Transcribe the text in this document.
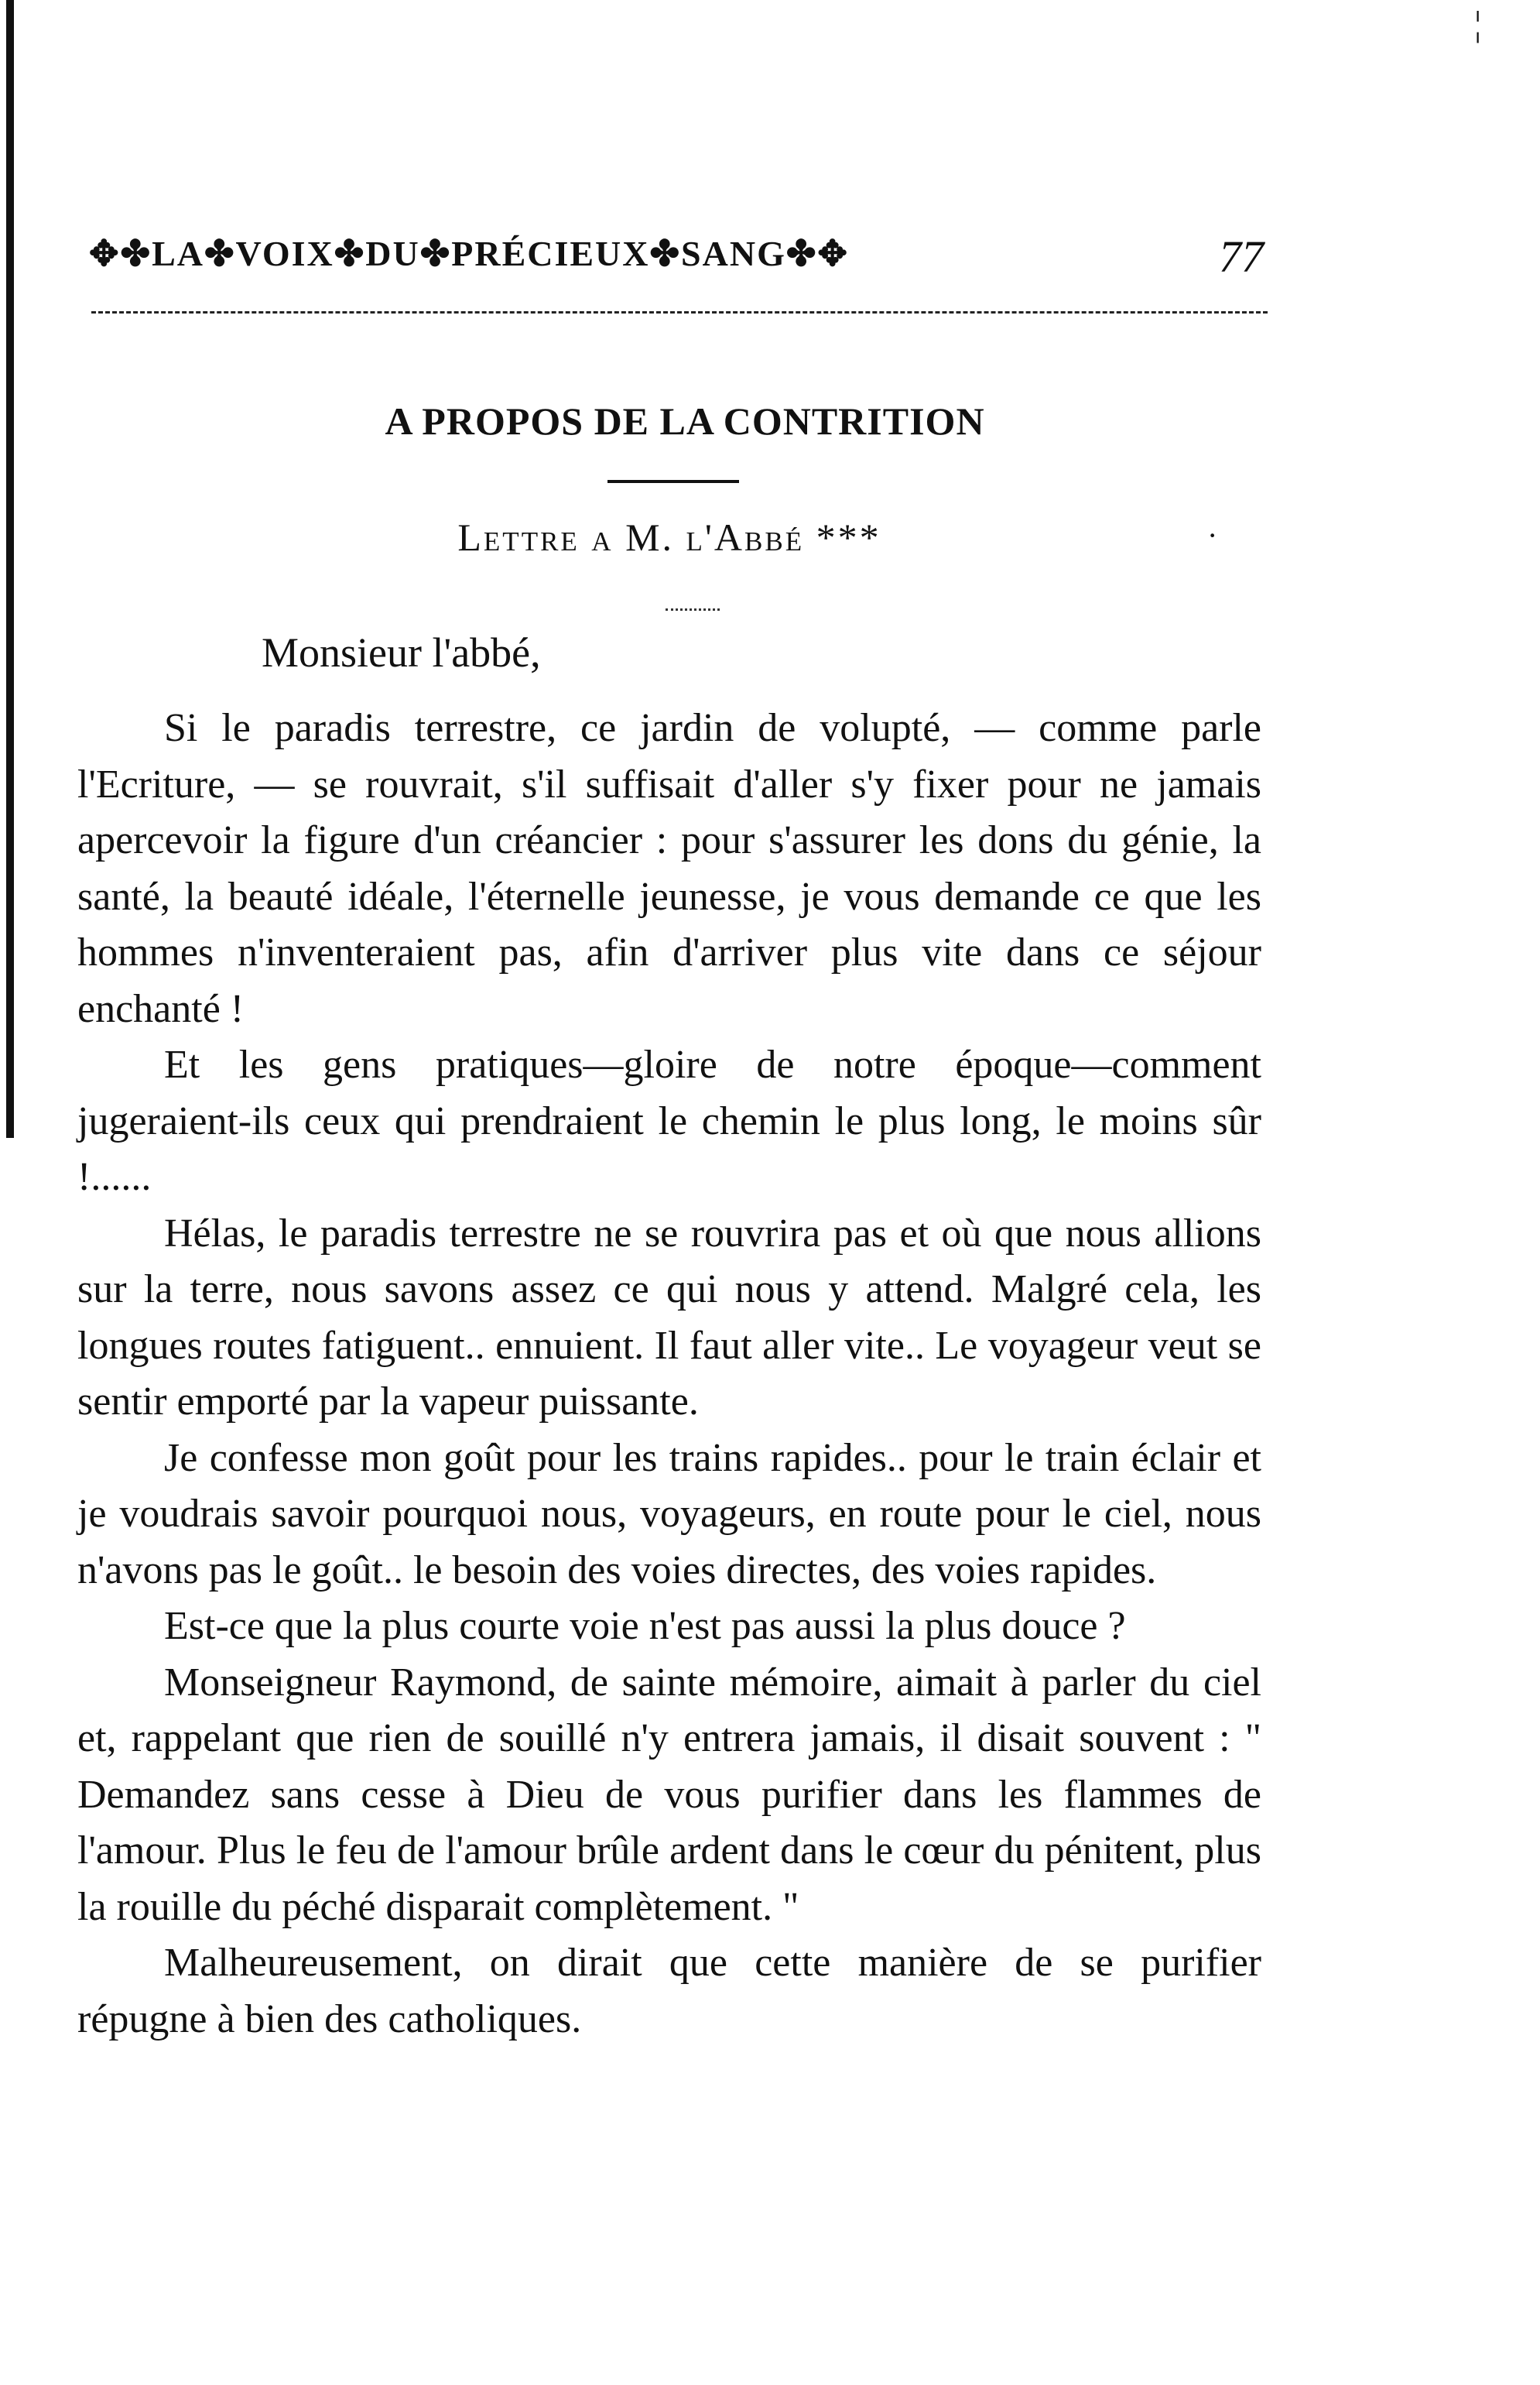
¦
✥✤LA✤VOIX✤DU✤PRÉCIEUX✤SANG✤✥	77
A PROPOS DE LA CONTRITION
Lettre a M. l'Abbé ***	·
Monsieur l'abbé,

Si le paradis terrestre, ce jardin de volupté, — comme parle l'Ecriture, — se rouvrait, s'il suffisait d'aller s'y fixer pour ne jamais apercevoir la figure d'un créancier : pour s'assurer les dons du génie, la santé, la beauté idéale, l'éternelle jeunesse, je vous demande ce que les hommes n'inventeraient pas, afin d'arriver plus vite dans ce séjour enchanté !

Et les gens pratiques—gloire de notre époque—comment jugeraient-ils ceux qui prendraient le chemin le plus long, le moins sûr !......

Hélas, le paradis terrestre ne se rouvrira pas et où que nous allions sur la terre, nous savons assez ce qui nous y attend. Malgré cela, les longues routes fatiguent.. ennuient. Il faut aller vite.. Le voyageur veut se sentir emporté par la vapeur puissante.

Je confesse mon goût pour les trains rapides.. pour le train éclair et je voudrais savoir pourquoi nous, voyageurs, en route pour le ciel, nous n'avons pas le goût.. le besoin des voies directes, des voies rapides.

Est-ce que la plus courte voie n'est pas aussi la plus douce ?

Monseigneur Raymond, de sainte mémoire, aimait à parler du ciel et, rappelant que rien de souillé n'y entrera jamais, il disait souvent : " Demandez sans cesse à Dieu de vous purifier dans les flammes de l'amour. Plus le feu de l'amour brûle ardent dans le cœur du pénitent, plus la rouille du péché disparait complètement. "

Malheureusement, on dirait que cette manière de se purifier répugne à bien des catholiques.
